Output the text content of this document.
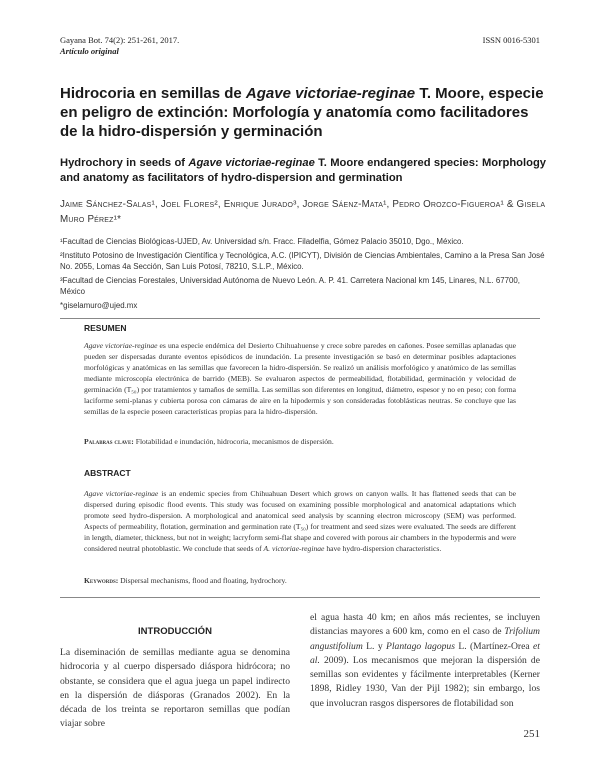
Gayana Bot. 74(2): 251-261, 2017.
Artículo original
ISSN 0016-5301
Hidrocoria en semillas de Agave victoriae-reginae T. Moore, especie en peligro de extinción: Morfología y anatomía como facilitadores de la hidro-dispersión y germinación
Hydrochory in seeds of Agave victoriae-reginae T. Moore endangered species: Morphology and anatomy as facilitators of hydro-dispersion and germination
Jaime Sánchez-Salas¹, Joel Flores², Enrique Jurado³, Jorge Sáenz-Mata¹, Pedro Orozco-Figueroa¹ & Gisela Muro Pérez¹*

¹Facultad de Ciencias Biológicas-UJED, Av. Universidad s/n. Fracc. Filadelfia, Gómez Palacio 35010, Dgo., México.

²Instituto Potosino de Investigación Científica y Tecnológica, A.C. (IPICYT), División de Ciencias Ambientales, Camino a la Presa San José No. 2055, Lomas 4a Sección, San Luis Potosí, 78210, S.L.P., México.

³Facultad de Ciencias Forestales, Universidad Autónoma de Nuevo León. A. P. 41. Carretera Nacional km 145, Linares, N.L. 67700, México

*giselamuro@ujed.mx

RESUMEN
Agave victoriae-reginae es una especie endémica del Desierto Chihuahuense y crece sobre paredes en cañones. Posee semillas aplanadas que pueden ser dispersadas durante eventos episódicos de inundación. La presente investigación se basó en determinar posibles adaptaciones morfológicas y anatómicas en las semillas que favorecen la hidro-dispersión. Se realizó un análisis morfológico y anatómico de las semillas mediante microscopía electrónica de barrido (MEB). Se evaluaron aspectos de permeabilidad, flotabilidad, germinación y velocidad de germinación (T₅₀) por tratamientos y tamaños de semilla. Las semillas son diferentes en longitud, diámetro, espesor y no en peso; con forma laciforme semi-planas y cubierta porosa con cámaras de aire en la hipodermis y son consideradas fotoblásticas neutras. Se concluye que las semillas de la especie poseen características propias para la hidro-dispersión.
Palabras clave: Flotabilidad e inundación, hidrocoria, mecanismos de dispersión.
ABSTRACT
Agave victoriae-reginae is an endemic species from Chihuahuan Desert which grows on canyon walls. It has flattened seeds that can be dispersed during episodic flood events. This study was focused on examining possible morphological and anatomical adaptations which promote seed hydro-dispersion. A morphological and anatomical seed analysis by scanning electron microscopy (SEM) was performed. Aspects of permeability, flotation, germination and germination rate (T₅₀) for treatment and seed sizes were evaluated. The seeds are different in length, diameter, thickness, but not in weight; lacryform semi-flat shape and covered with porous air chambers in the hypodermis and were considered neutral photoblastic. We conclude that seeds of A. victoriae-reginae have hydro-dispersion characteristics.
Keywords: Dispersal mechanisms, flood and floating, hydrochory.
INTRODUCCIÓN
La diseminación de semillas mediante agua se denomina hidrocoria y al cuerpo dispersado diáspora hidrócora; no obstante, se considera que el agua juega un papel indirecto en la dispersión de diásporas (Granados 2002). En la década de los treinta se reportaron semillas que podían viajar sobre
el agua hasta 40 km; en años más recientes, se incluyen distancias mayores a 600 km, como en el caso de Trifolium angustifolium L. y Plantago lagopus L. (Martínez-Orea et al. 2009). Los mecanismos que mejoran la dispersión de semillas son evidentes y fácilmente interpretables (Kerner 1898, Ridley 1930, Van der Pijl 1982); sin embargo, los que involucran rasgos dispersores de flotabilidad son
251
